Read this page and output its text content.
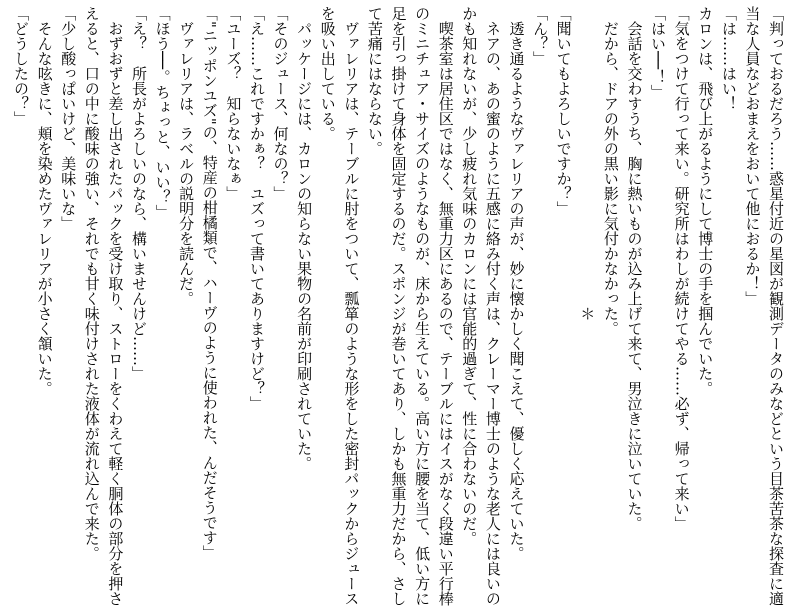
「判っておるだろう……惑星付近の星図が観測データのみなどという目茶苦茶な探査に適

当な人員などおまえをおいて他におるか！」

「は……はい！

カロンは、飛び上がるようにして博士の手を掴んでいた。

「気をつけて行って来い。研究所はわしが続けてやる……必ず、帰って来い」

「はい──！」

　会話を交わすうち、胸に熱いものが込み上げて来て、男泣きに泣いていた。

　だから、ドアの外の黒い影に気付かなかった。

＊

「聞いてもよろしいですか？」

「ん？」

　透き通るようなヴァレリアの声が、妙に懐かしく聞こえて、優しく応えていた。

　ネアの、あの蜜のように五感に絡み付く声は、クレーマー博士のような老人には良いの

かも知れないが、少し疲れ気味のカロンには官能的過ぎて、性に合わないのだ。

　喫茶室は居住区ではなく、無重力区にあるので、テーブルにはイスがなく段違い平行棒

のミニチュア・サイズのようなものが、床から生えている。高い方に腰を当て、低い方に

足を引っ掛けて身体を固定するのだ。スポンジが巻いてあり、しかも無重力だから、さし

て苦痛にはならない。

　ヴァレリアは、テーブルに肘をついて、瓢箪のような形をした密封パックからジュース

を吸い出している。

　パッケージには、カロンの知らない果物の名前が印刷されていた。

「そのジュース、何なの？」

「え……これですかぁ？　ユズって書いてありますけど？」

「ユーズ？　知らないなぁ」

「"ニッポンユズ"の、特産の柑橘類で、ハーヴのように使われた、んだそうです」

　ヴァレリアは、ラベルの説明分を読んだ。

「ほう──。ちょっと、いい？」

「え？　所長がよろしいのなら、構いませんけど……」

　おずおずと差し出されたパックを受け取り、ストローをくわえて軽く胴体の部分を押さ

えると、口の中に酸味の強い、それでも甘く味付けされた液体が流れ込んで来た。

「少し酸っぱいけど、美味いな」

　そんな呟きに、頬を染めたヴァレリアが小さく頷いた。

「どうしたの？」
